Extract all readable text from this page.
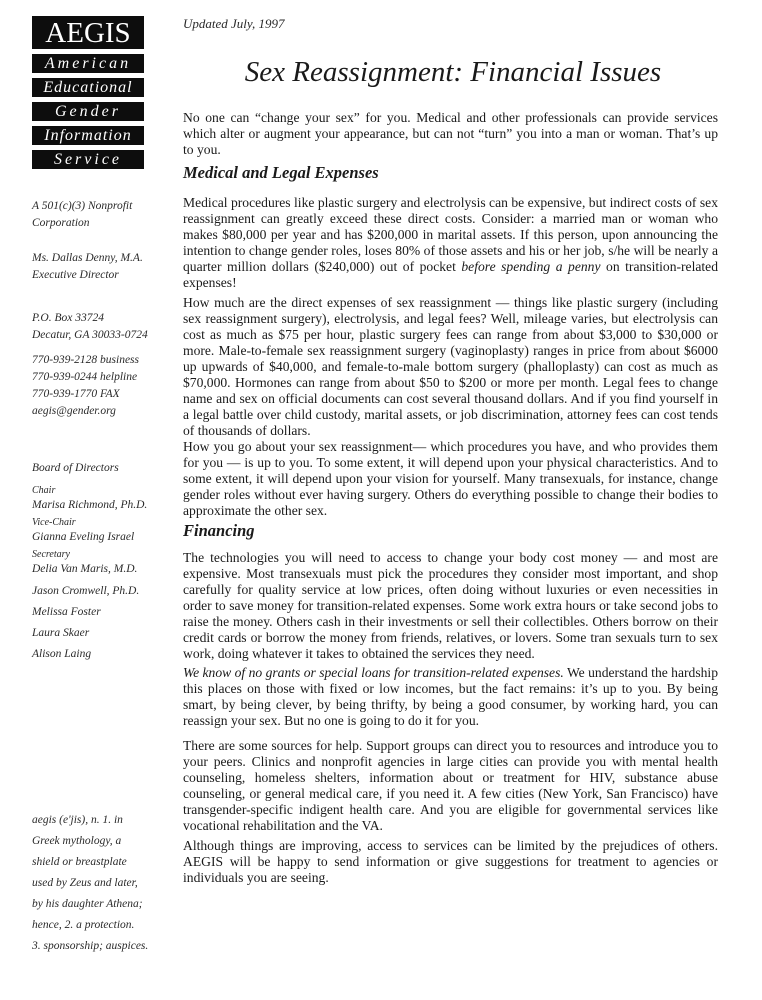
AEGIS
American
Educational
Gender
Information
Service
A 501(c)(3) Nonprofit
Corporation
Ms. Dallas Denny, M.A.
Executive Director
P.O. Box 33724
Decatur, GA 30033-0724
770-939-2128 business
770-939-0244 helpline
770-939-1770 FAX
aegis@gender.org
Board of Directors
Chair
Marisa Richmond, Ph.D.
Vice-Chair
Gianna Eveling Israel
Secretary
Delia Van Maris, M.D.
Jason Cromwell, Ph.D.
Melissa Foster
Laura Skaer
Alison Laing
aegis (e'jis), n. 1. in
Greek mythology, a
shield or breastplate
used by Zeus and later,
by his daughter Athena;
hence, 2. a protection.
3. sponsorship; auspices.
Updated July, 1997
Sex Reassignment: Financial Issues

No one can “change your sex” for you. Medical and other professionals can provide services which alter or augment your appearance, but can not “turn” you into a man or woman. That’s up to you.

Medical and Legal Expenses

Medical procedures like plastic surgery and electrolysis can be expensive, but indirect costs of sex reassignment can greatly exceed these direct costs. Consider: a married man or woman who makes $80,000 per year and has $200,000 in marital assets. If this person, upon announcing the intention to change gender roles, loses 80% of those assets and his or her job, s/he will be nearly a quarter million dollars ($240,000) out of pocket before spending a penny on transition-related expenses!

How much are the direct expenses of sex reassignment — things like plastic surgery (including sex reassignment surgery), electrolysis, and legal fees? Well, mileage varies, but electrolysis can cost as much as $75 per hour, plastic surgery fees can range from about $3,000 to $30,000 or more. Male-to-female sex reassignment surgery (vaginoplasty) ranges in price from about $6000 up upwards of $40,000, and female-to-male bottom surgery (phalloplasty) can cost as much as $70,000. Hormones can range from about $50 to $200 or more per month. Legal fees to change name and sex on official documents can cost several thousand dollars. And if you find yourself in a legal battle over child custody, marital assets, or job discrimination, attorney fees can cost tends of thousands of dollars.

How you go about your sex reassignment— which procedures you have, and who provides them for you — is up to you. To some extent, it will depend upon your physical characteristics. And to some extent, it will depend upon your vision for yourself. Many transexuals, for instance, change gender roles without ever having surgery. Others do everything possible to change their bodies to approximate the other sex.

Financing

The technologies you will need to access to change your body cost money — and most are expensive. Most transexuals must pick the procedures they consider most important, and shop carefully for quality service at low prices, often doing without luxuries or even necessities in order to save money for transition-related expenses. Some work extra hours or take second jobs to raise the money. Others cash in their investments or sell their collectibles. Others borrow on their credit cards or borrow the money from friends, relatives, or lovers. Some tran sexuals turn to sex work, doing whatever it takes to obtained the services they need.

We know of no grants or special loans for transition-related expenses. We understand the hardship this places on those with fixed or low incomes, but the fact remains: it’s up to you. By being smart, by being clever, by being thrifty, by being a good consumer, by working hard, you can reassign your sex. But no one is going to do it for you.

There are some sources for help. Support groups can direct you to resources and introduce you to your peers. Clinics and nonprofit agencies in large cities can provide you with mental health counseling, homeless shelters, information about or treatment for HIV, substance abuse counseling, or general medical care, if you need it. A few cities (New York, San Francisco) have transgender-specific indigent health care. And you are eligible for governmental services like vocational rehabilitation and the VA.

Although things are improving, access to services can be limited by the prejudices of others. AEGIS will be happy to send information or give suggestions for treatment to agencies or individuals you are seeing.
